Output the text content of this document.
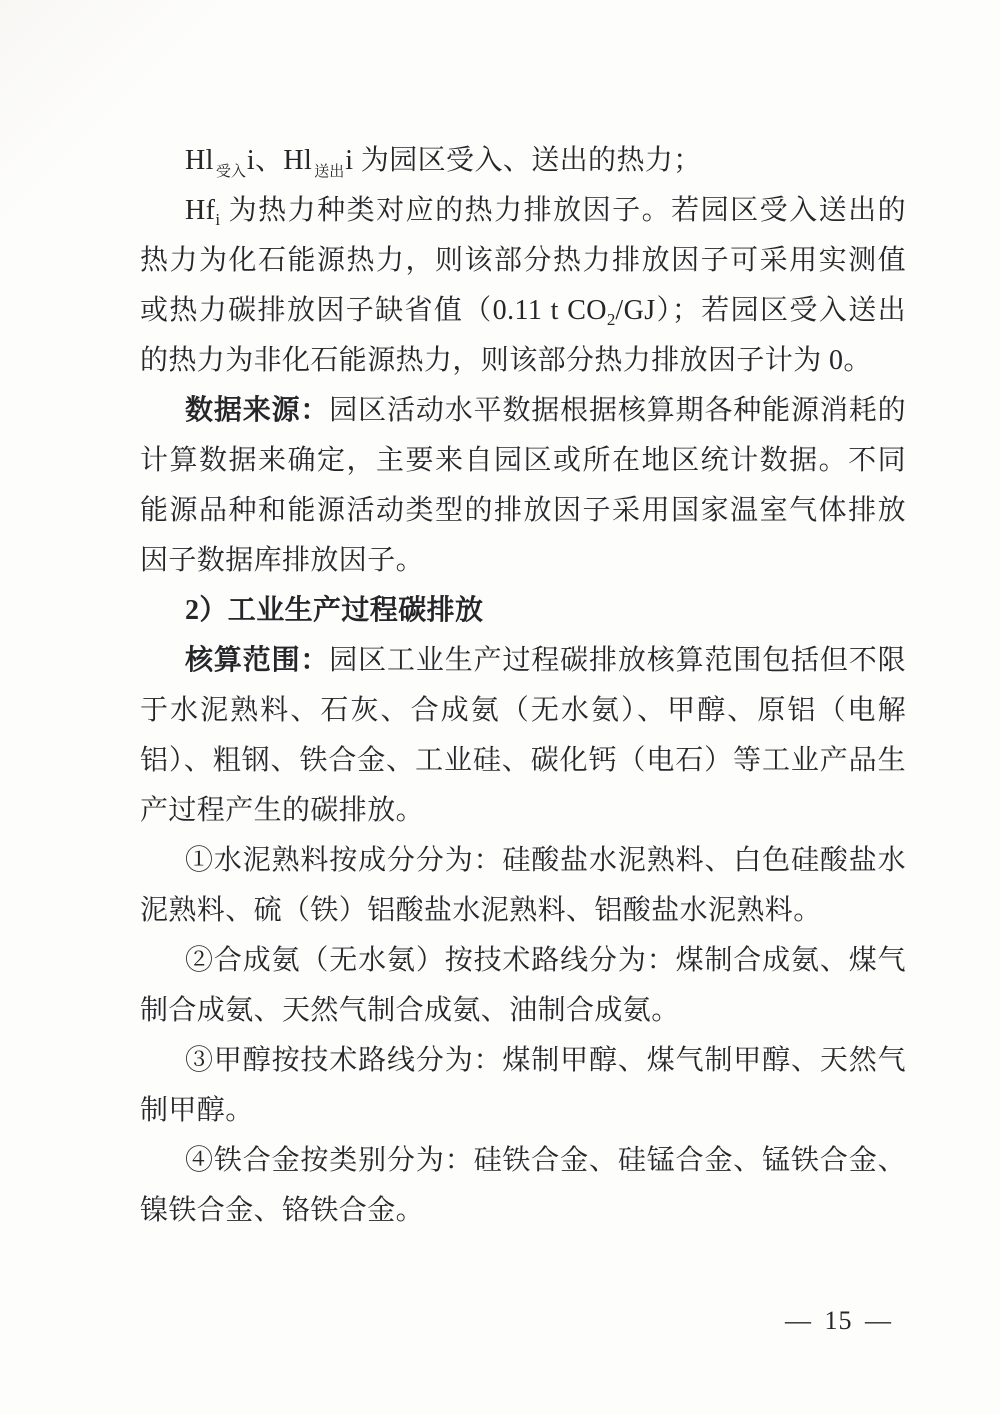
Hl $_{受入}$i、Hl $_{送出}$i 为园区受入、送出的热力；

$Hf_i$ 为热力种类对应的热力排放因子。若园区受入送出的热力为化石能源热力，则该部分热力排放因子可采用实测值或热力碳排放因子缺省值（0.11 t $CO_2/GJ$）；若园区受入送出的热力为非化石能源热力，则该部分热力排放因子计为 0。

数据来源：园区活动水平数据根据核算期各种能源消耗的计算数据来确定，主要来自园区或所在地区统计数据。不同能源品种和能源活动类型的排放因子采用国家温室气体排放因子数据库排放因子。

2）工业生产过程碳排放

核算范围：园区工业生产过程碳排放核算范围包括但不限于水泥熟料、石灰、合成氨（无水氨）、甲醇、原铝（电解铝）、粗钢、铁合金、工业硅、碳化钙（电石）等工业产品生产过程产生的碳排放。

①水泥熟料按成分分为：硅酸盐水泥熟料、白色硅酸盐水泥熟料、硫（铁）铝酸盐水泥熟料、铝酸盐水泥熟料。

②合成氨（无水氨）按技术路线分为：煤制合成氨、煤气制合成氨、天然气制合成氨、油制合成氨。

③甲醇按技术路线分为：煤制甲醇、煤气制甲醇、天然气制甲醇。

④铁合金按类别分为：硅铁合金、硅锰合金、锰铁合金、镍铁合金、铬铁合金。

— 15 —
